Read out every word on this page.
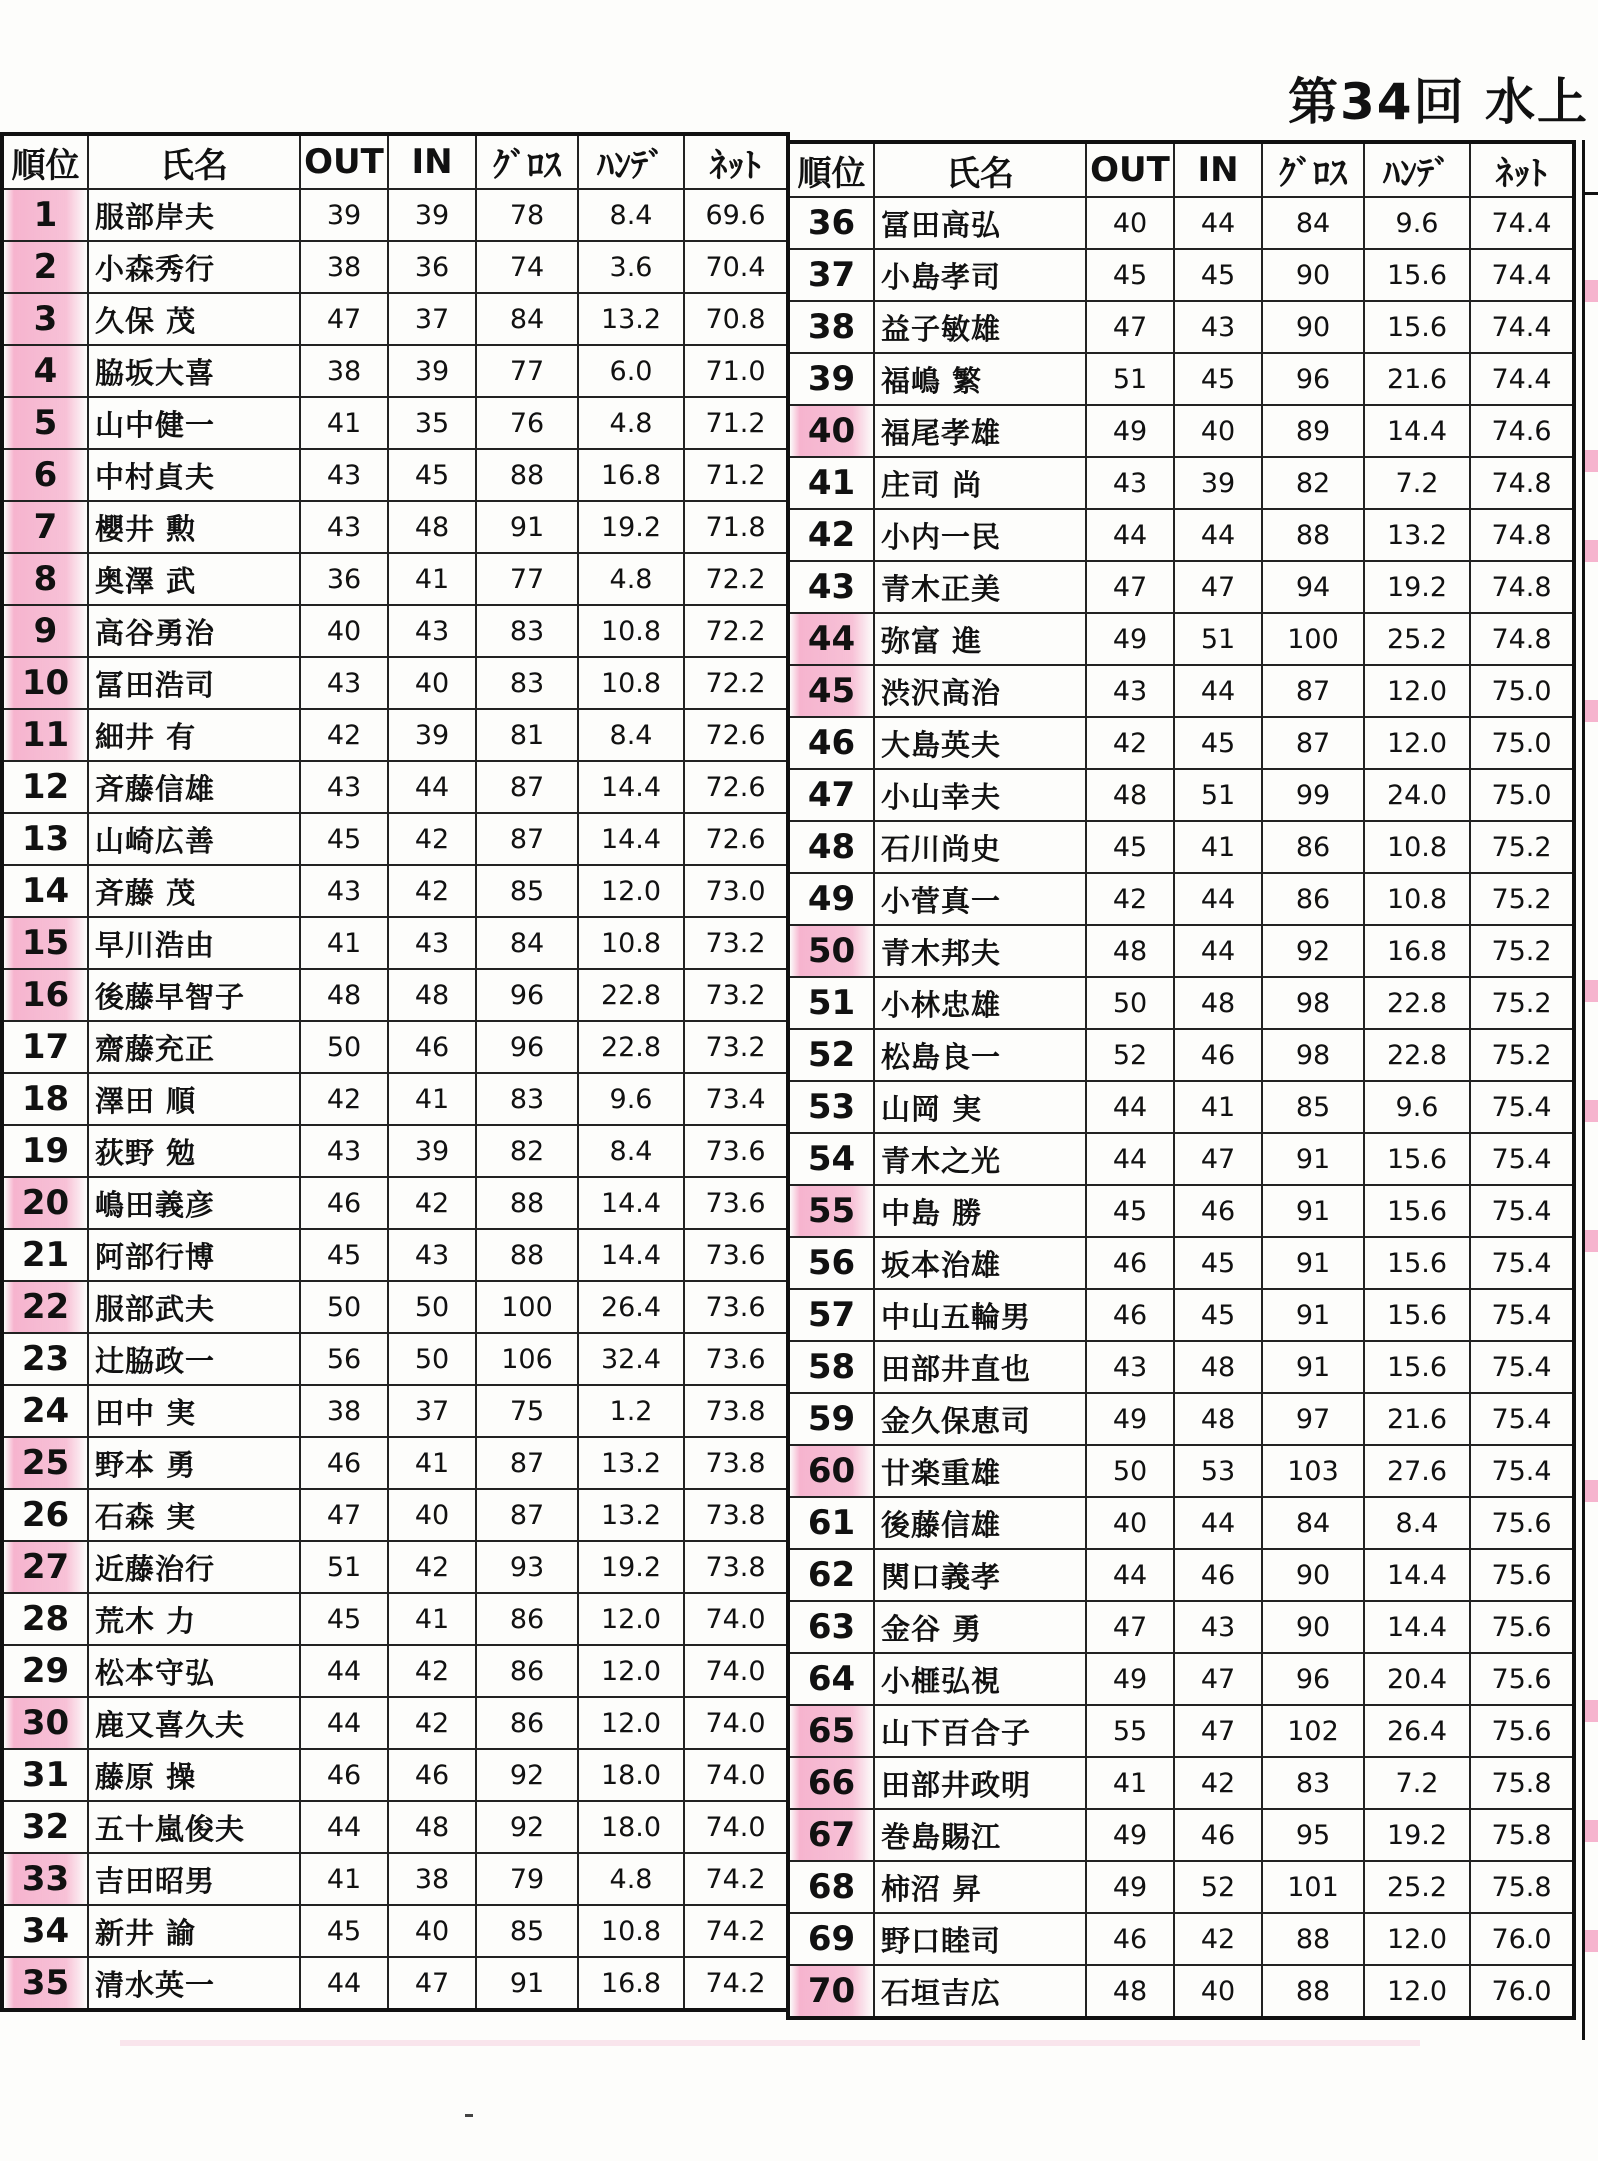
第34回 水上
順位	氏名	OUT	IN	ｸﾞﾛｽ	ﾊﾝﾃﾞ	ﾈｯﾄ
1	服部岸夫	39	39	78	8.4	69.6
2	小森秀行	38	36	74	3.6	70.4
3	久保 茂	47	37	84	13.2	70.8
4	脇坂大喜	38	39	77	6.0	71.0
5	山中健一	41	35	76	4.8	71.2
6	中村貞夫	43	45	88	16.8	71.2
7	櫻井 勲	43	48	91	19.2	71.8
8	奥澤 武	36	41	77	4.8	72.2
9	高谷勇治	40	43	83	10.8	72.2
10	冨田浩司	43	40	83	10.8	72.2
11	細井 有	42	39	81	8.4	72.6
12	斉藤信雄	43	44	87	14.4	72.6
13	山崎広善	45	42	87	14.4	72.6
14	斉藤 茂	43	42	85	12.0	73.0
15	早川浩由	41	43	84	10.8	73.2
16	後藤早智子	48	48	96	22.8	73.2
17	齋藤充正	50	46	96	22.8	73.2
18	澤田 順	42	41	83	9.6	73.4
19	荻野 勉	43	39	82	8.4	73.6
20	嶋田義彦	46	42	88	14.4	73.6
21	阿部行博	45	43	88	14.4	73.6
22	服部武夫	50	50	100	26.4	73.6
23	辻脇政一	56	50	106	32.4	73.6
24	田中 実	38	37	75	1.2	73.8
25	野本 勇	46	41	87	13.2	73.8
26	石森 実	47	40	87	13.2	73.8
27	近藤治行	51	42	93	19.2	73.8
28	荒木 力	45	41	86	12.0	74.0
29	松本守弘	44	42	86	12.0	74.0
30	鹿又喜久夫	44	42	86	12.0	74.0
31	藤原 操	46	46	92	18.0	74.0
32	五十嵐俊夫	44	48	92	18.0	74.0
33	吉田昭男	41	38	79	4.8	74.2
34	新井 諭	45	40	85	10.8	74.2
35	清水英一	44	47	91	16.8	74.2
順位	氏名	OUT	IN	ｸﾞﾛｽ	ﾊﾝﾃﾞ	ﾈｯﾄ
36	冨田高弘	40	44	84	9.6	74.4
37	小島孝司	45	45	90	15.6	74.4
38	益子敏雄	47	43	90	15.6	74.4
39	福嶋 繁	51	45	96	21.6	74.4
40	福尾孝雄	49	40	89	14.4	74.6
41	庄司 尚	43	39	82	7.2	74.8
42	小内一民	44	44	88	13.2	74.8
43	青木正美	47	47	94	19.2	74.8
44	弥富 進	49	51	100	25.2	74.8
45	渋沢高治	43	44	87	12.0	75.0
46	大島英夫	42	45	87	12.0	75.0
47	小山幸夫	48	51	99	24.0	75.0
48	石川尚史	45	41	86	10.8	75.2
49	小菅真一	42	44	86	10.8	75.2
50	青木邦夫	48	44	92	16.8	75.2
51	小林忠雄	50	48	98	22.8	75.2
52	松島良一	52	46	98	22.8	75.2
53	山岡 実	44	41	85	9.6	75.4
54	青木之光	44	47	91	15.6	75.4
55	中島 勝	45	46	91	15.6	75.4
56	坂本治雄	46	45	91	15.6	75.4
57	中山五輪男	46	45	91	15.6	75.4
58	田部井直也	43	48	91	15.6	75.4
59	金久保恵司	49	48	97	21.6	75.4
60	廿楽重雄	50	53	103	27.6	75.4
61	後藤信雄	40	44	84	8.4	75.6
62	関口義孝	44	46	90	14.4	75.6
63	金谷 勇	47	43	90	14.4	75.6
64	小榧弘視	49	47	96	20.4	75.6
65	山下百合子	55	47	102	26.4	75.6
66	田部井政明	41	42	83	7.2	75.8
67	巻島賜江	49	46	95	19.2	75.8
68	柿沼 昇	49	52	101	25.2	75.8
69	野口睦司	46	42	88	12.0	76.0
70	石垣吉広	48	40	88	12.0	76.0
